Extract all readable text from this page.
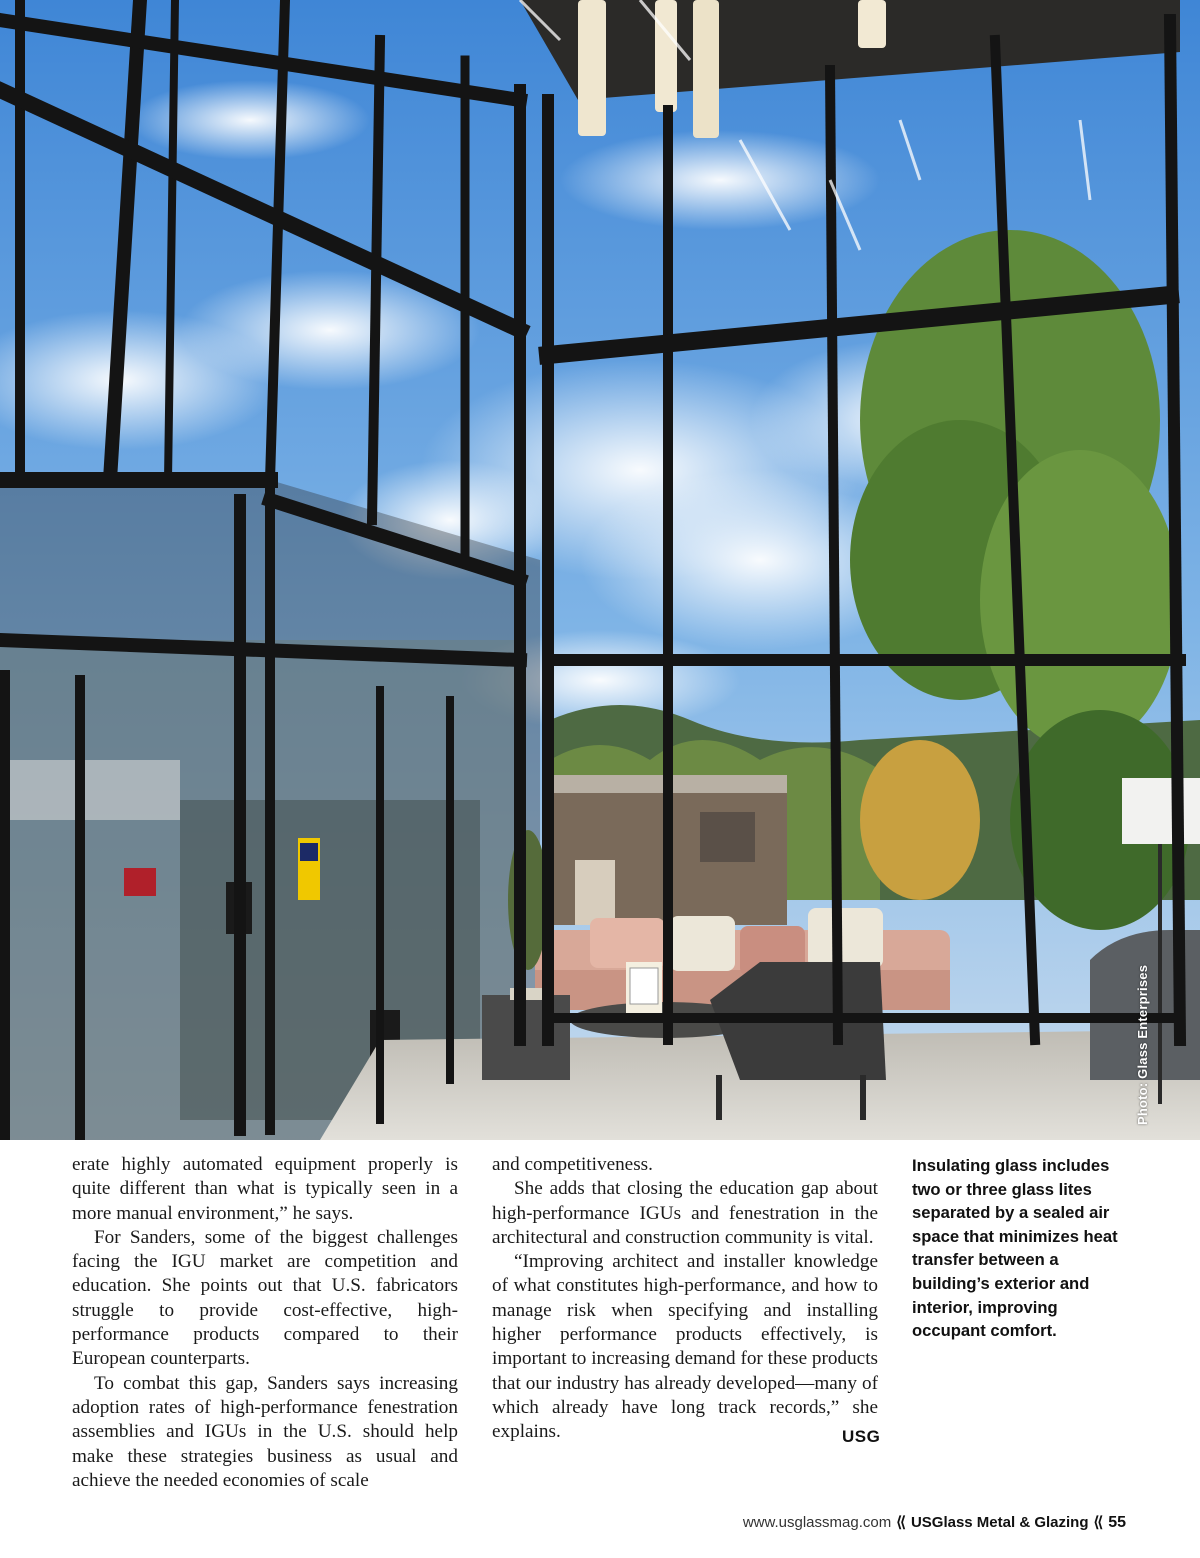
EXIT
Photo: Glass Enterprises

erate highly automated equipment properly is quite different than what is typically seen in a more manual environment,” he says.

For Sanders, some of the biggest challenges facing the IGU market are competition and education. She points out that U.S. fabricators struggle to provide cost-effective, high-performance products compared to their European counterparts.

To combat this gap, Sanders says increasing adoption rates of high-performance fenestration assemblies and IGUs in the U.S. should help make these strategies business as usual and achieve the needed economies of scale

and competitiveness.

She adds that closing the education gap about high-performance IGUs and fenestration in the architectural and construction community is vital.

“Improving architect and installer knowledge of what constitutes high-performance, and how to manage risk when specifying and installing higher performance products effectively, is important to increasing demand for these products that our industry has already developed—many of which already have long track records,” she explains.	USG
Insulating glass includes two or three glass lites separated by a sealed air space that minimizes heat transfer between a building’s exterior and interior, improving occupant comfort.
www.usglassmag.com ⟨⟨ USGlass Metal & Glazing ⟨⟨ 55
